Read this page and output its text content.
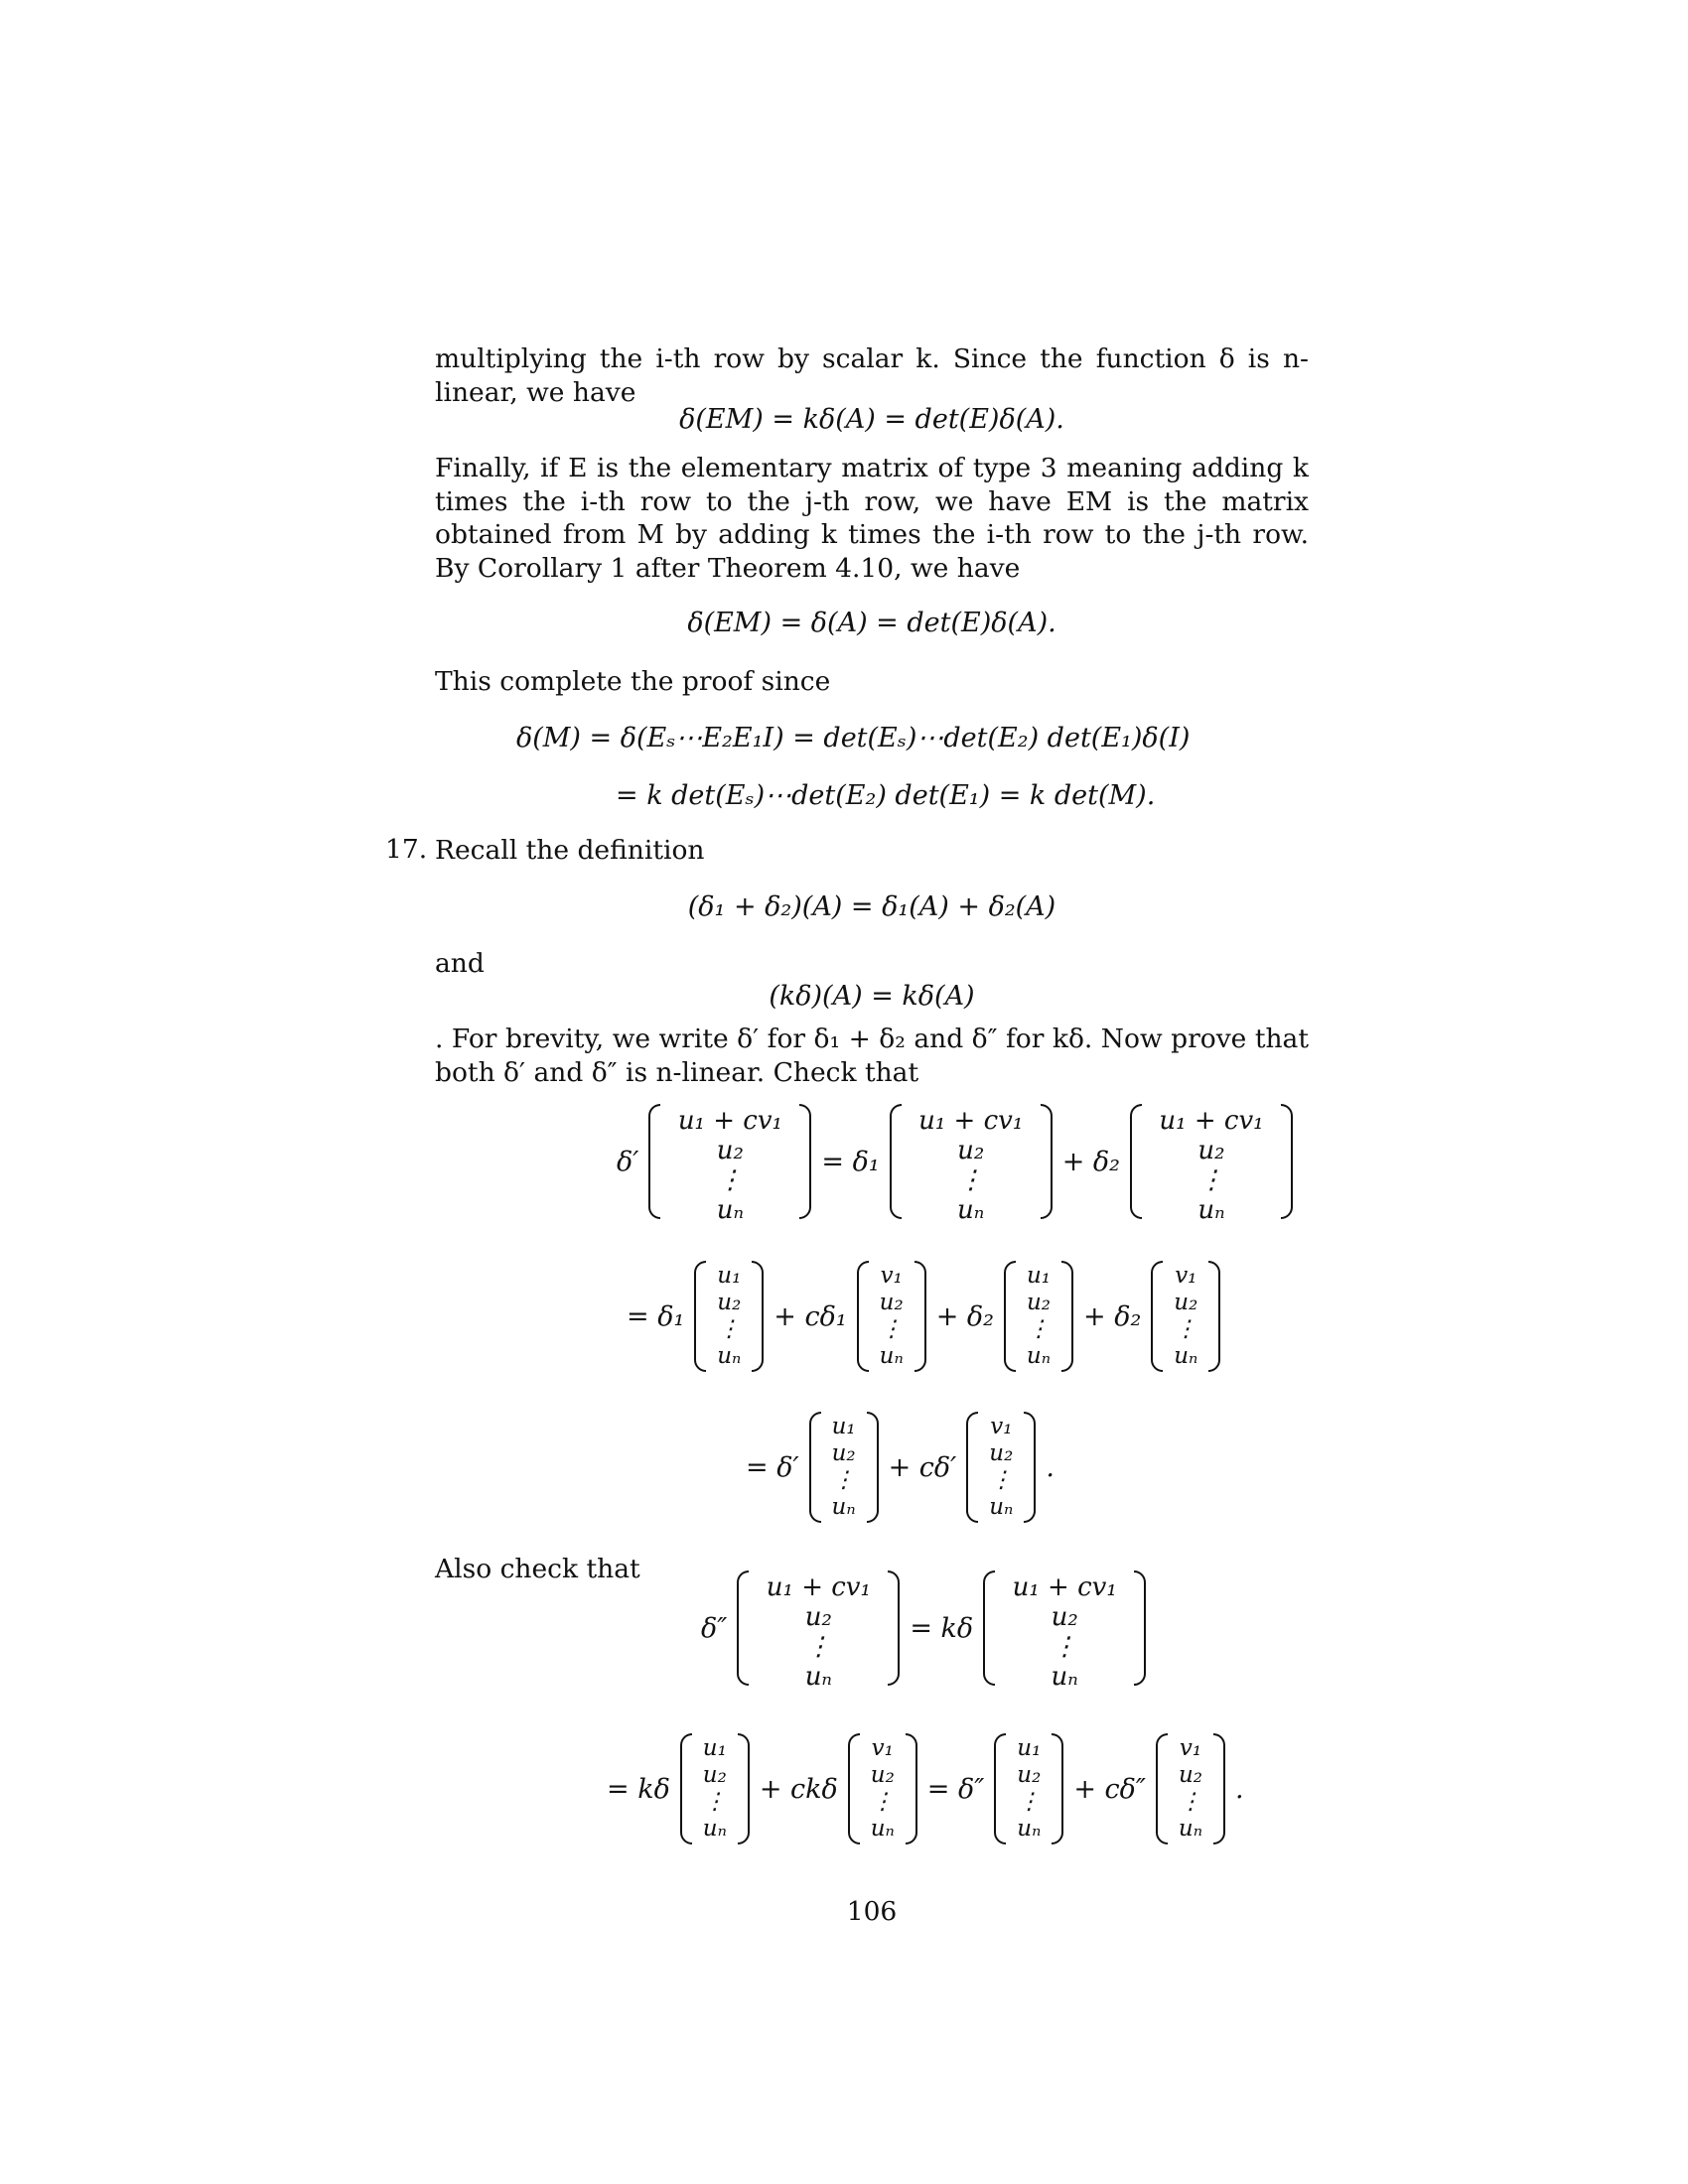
multiplying the i-th row by scalar k. Since the function δ is n-linear, we have
δ(EM) = kδ(A) = det(E)δ(A).
Finally, if E is the elementary matrix of type 3 meaning adding k times the i-th row to the j-th row, we have EM is the matrix obtained from M by adding k times the i-th row to the j-th row. By Corollary 1 after Theorem 4.10, we have
δ(EM) = δ(A) = det(E)δ(A).
This complete the proof since
δ(M) = δ(Eₛ⋯E₂E₁I) = det(Eₛ)⋯det(E₂) det(E₁)δ(I)
= k det(Eₛ)⋯det(E₂) det(E₁) = k det(M).
17. Recall the definition
(δ₁ + δ₂)(A) = δ₁(A) + δ₂(A)
and
(kδ)(A) = kδ(A)
. For brevity, we write δ′ for δ₁ + δ₂ and δ″ for kδ. Now prove that both δ′ and δ″ is n-linear. Check that
δ′
u₁ + cv₁
u₂
⋮
uₙ
= δ₁
u₁ + cv₁
u₂
⋮
uₙ
+ δ₂
u₁ + cv₁
u₂
⋮
uₙ
= δ₁
u₁
u₂
⋮
uₙ
+ cδ₁
v₁
u₂
⋮
uₙ
+ δ₂
u₁
u₂
⋮
uₙ
+ δ₂
v₁
u₂
⋮
uₙ
= δ′
u₁
u₂
⋮
uₙ
+ cδ′
v₁
u₂
⋮
uₙ
.
Also check that
δ″
u₁ + cv₁
u₂
⋮
uₙ
= kδ
u₁ + cv₁
u₂
⋮
uₙ
= kδ
u₁
u₂
⋮
uₙ
+ ckδ
v₁
u₂
⋮
uₙ
= δ″
u₁
u₂
⋮
uₙ
+ cδ″
v₁
u₂
⋮
uₙ
.
106
